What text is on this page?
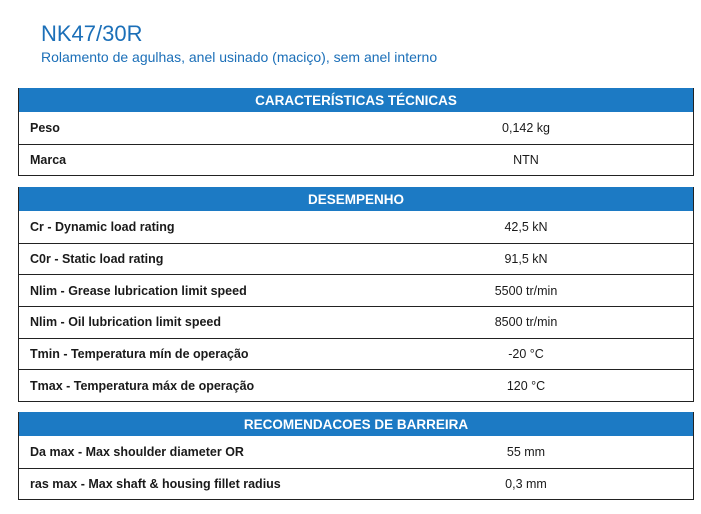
NK47/30R
Rolamento de agulhas, anel usinado (maciço), sem anel interno
CARACTERÍSTICAS TÉCNICAS
Peso	0,142 kg
Marca	NTN
DESEMPENHO
Cr - Dynamic load rating	42,5 kN
C0r - Static load rating	91,5 kN
Nlim - Grease lubrication limit speed	5500 tr/min
Nlim - Oil lubrication limit speed	8500 tr/min
Tmin - Temperatura mín de operação	-20 °C
Tmax - Temperatura máx de operação	120 °C
RECOMENDACOES DE BARREIRA
Da max - Max shoulder diameter OR	55 mm
ras max - Max shaft & housing fillet radius	0,3 mm
